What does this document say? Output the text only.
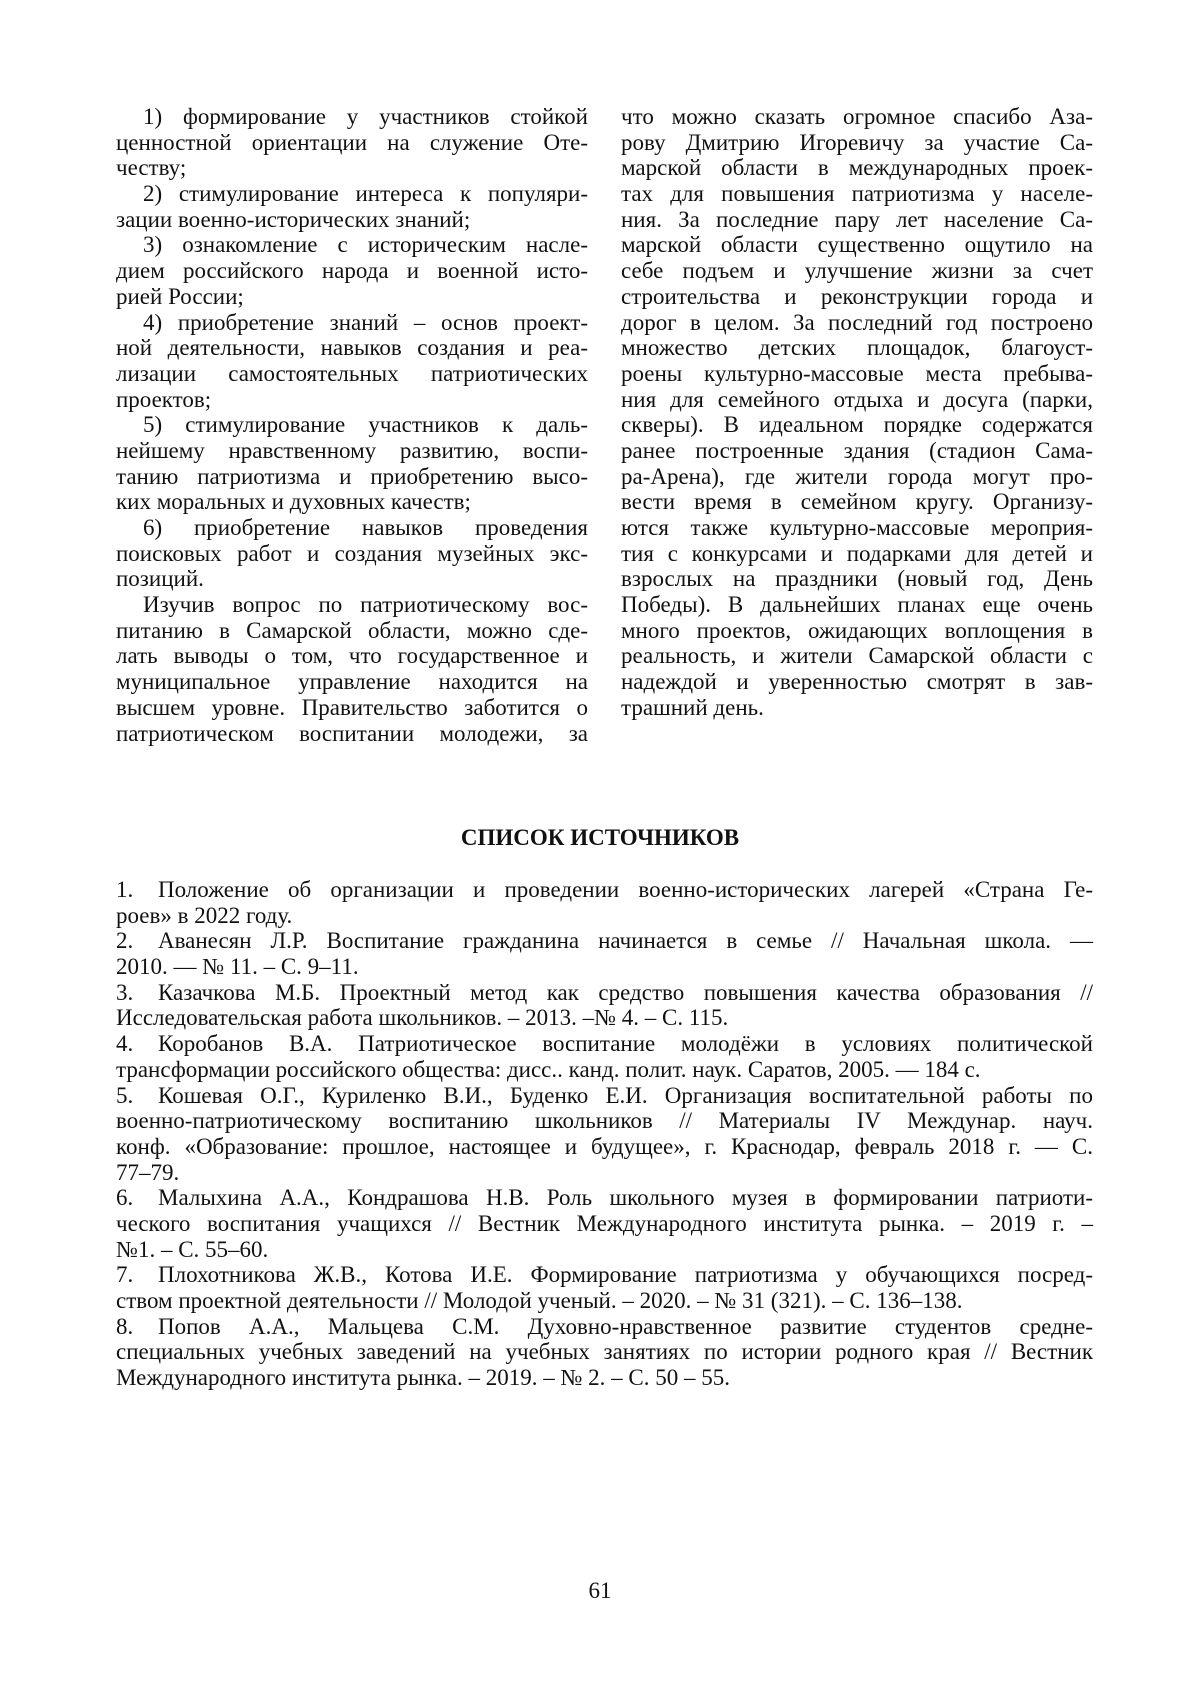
1) формирование у участников стойкой
ценностной ориентации на служение Оте-
честву;
2) стимулирование интереса к популяри-
зации военно-исторических знаний;
3) ознакомление с историческим насле-
дием российского народа и военной исто-
рией России;
4) приобретение знаний – основ проект-
ной деятельности, навыков создания и реа-
лизации самостоятельных патриотических
проектов;
5) стимулирование участников к даль-
нейшему нравственному развитию, воспи-
танию патриотизма и приобретению высо-
ких моральных и духовных качеств;
6) приобретение навыков проведения
поисковых работ и создания музейных экс-
позиций.
Изучив вопрос по патриотическому вос-
питанию в Самарской области, можно сде-
лать выводы о том, что государственное и
муниципальное управление находится на
высшем уровне. Правительство заботится о
патриотическом воспитании молодежи, за
что можно сказать огромное спасибо Аза-
рову Дмитрию Игоревичу за участие Са-
марской области в международных проек-
тах для повышения патриотизма у населе-
ния. За последние пару лет население Са-
марской области существенно ощутило на
себе подъем и улучшение жизни за счет
строительства и реконструкции города и
дорог в целом. За последний год построено
множество детских площадок, благоуст-
роены культурно-массовые места пребыва-
ния для семейного отдыха и досуга (парки,
скверы). В идеальном порядке содержатся
ранее построенные здания (стадион Сама-
ра-Арена), где жители города могут про-
вести время в семейном кругу. Организу-
ются также культурно-массовые мероприя-
тия с конкурсами и подарками для детей и
взрослых на праздники (новый год, День
Победы). В дальнейших планах еще очень
много проектов, ожидающих воплощения в
реальность, и жители Самарской области с
надеждой и уверенностью смотрят в зав-
трашний день.
СПИСОК ИСТОЧНИКОВ
1.	Положение об организации и проведении военно-исторических лагерей «Страна Ге-
роев» в 2022 году.
2.	Аванесян Л.Р. Воспитание гражданина начинается в семье // Начальная школа. —
2010. — № 11. – С. 9–11.
3.	Казачкова М.Б. Проектный метод как средство повышения качества образования //
Исследовательская работа школьников. – 2013. –№ 4. – С. 115.
4.	Коробанов В.А. Патриотическое воспитание молодёжи в условиях политической
трансформации российского общества: дисс.. канд. полит. наук. Саратов, 2005. — 184 с.
5.	Кошевая О.Г., Куриленко В.И., Буденко Е.И. Организация воспитательной работы по
военно-патриотическому воспитанию школьников // Материалы IV Междунар. науч.
конф. «Образование: прошлое, настоящее и будущее», г. Краснодар, февраль 2018 г. — С.
77–79.
6.	Малыхина А.А., Кондрашова Н.В. Роль школьного музея в формировании патриоти-
ческого воспитания учащихся // Вестник Международного института рынка. – 2019 г. –
№1. – С. 55–60.
7.	Плохотникова Ж.В., Котова И.Е. Формирование патриотизма у обучающихся посред-
ством проектной деятельности // Молодой ученый. – 2020. – № 31 (321). – С. 136–138.
8.	Попов А.А., Мальцева С.М. Духовно-нравственное развитие студентов средне-
специальных учебных заведений на учебных занятиях по истории родного края // Вестник
Международного института рынка. – 2019. – № 2. – С. 50 – 55.
61
